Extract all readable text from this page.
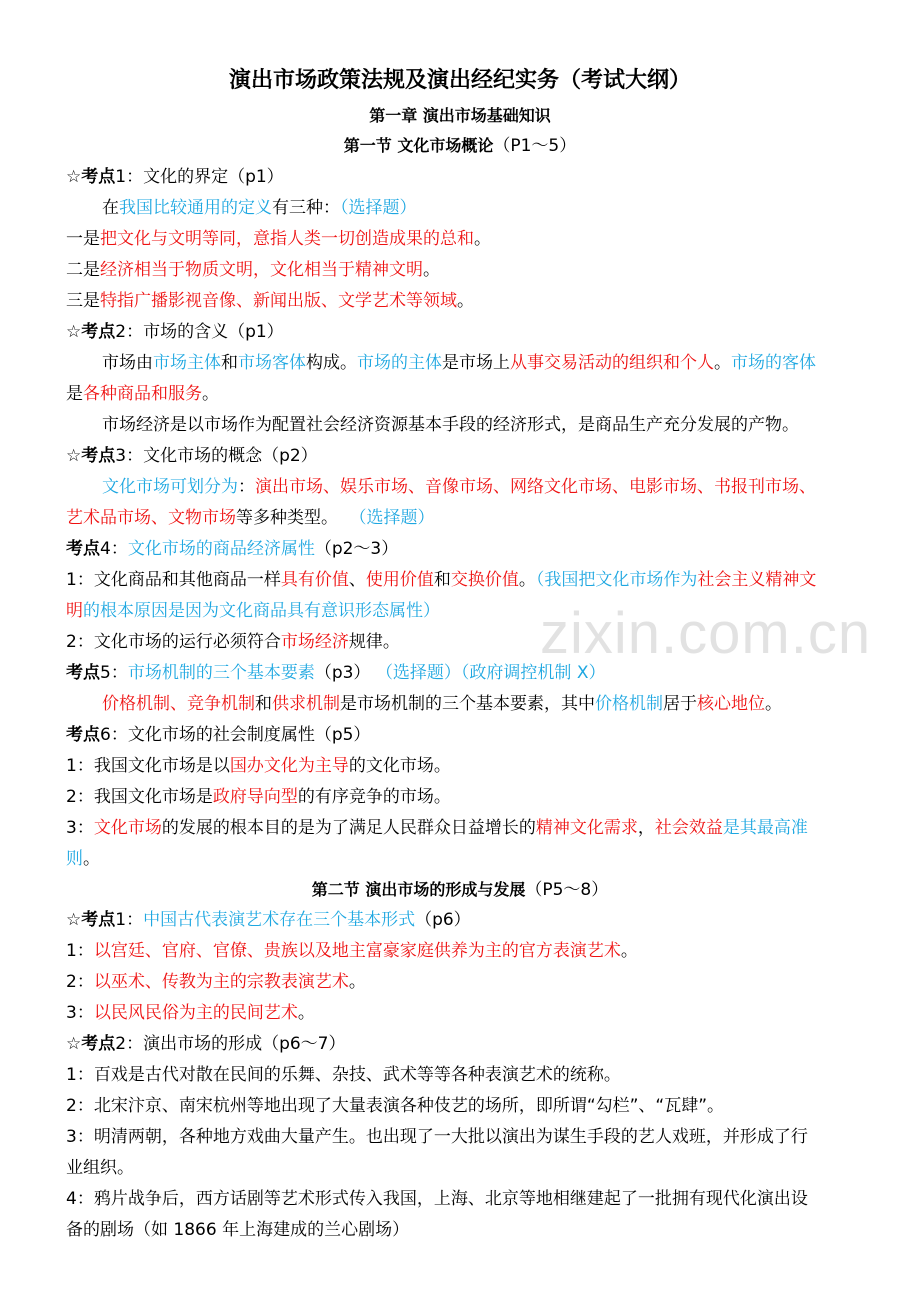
zixin.com.cn
演出市场政策法规及演出经纪实务（考试大纲）
第一章 演出市场基础知识
第一节 文化市场概论（P1～5）
☆考点1：文化的界定（p1）
在我国比较通用的定义有三种：（选择题）
一是把文化与文明等同，意指人类一切创造成果的总和。
二是经济相当于物质文明，文化相当于精神文明。
三是特指广播影视音像、新闻出版、文学艺术等领域。
☆考点2：市场的含义（p1）
市场由市场主体和市场客体构成。市场的主体是市场上从事交易活动的组织和个人。市场的客体
是各种商品和服务。
市场经济是以市场作为配置社会经济资源基本手段的经济形式，是商品生产充分发展的产物。
☆考点3：文化市场的概念（p2）
文化市场可划分为：演出市场、娱乐市场、音像市场、网络文化市场、电影市场、书报刊市场、
艺术品市场、文物市场等多种类型。 （选择题）
考点4：文化市场的商品经济属性（p2～3）
1：文化商品和其他商品一样具有价值、使用价值和交换价值。（我国把文化市场作为社会主义精神文
明的根本原因是因为文化商品具有意识形态属性）
2：文化市场的运行必须符合市场经济规律。
考点5：市场机制的三个基本要素（p3） （选择题）（政府调控机制 X）
价格机制、竞争机制和供求机制是市场机制的三个基本要素，其中价格机制居于核心地位。
考点6：文化市场的社会制度属性（p5）
1：我国文化市场是以国办文化为主导的文化市场。
2：我国文化市场是政府导向型的有序竞争的市场。
3：文化市场的发展的根本目的是为了满足人民群众日益增长的精神文化需求，社会效益是其最高准
则。
第二节 演出市场的形成与发展（P5～8）
☆考点1：中国古代表演艺术存在三个基本形式（p6）
1：以宫廷、官府、官僚、贵族以及地主富豪家庭供养为主的官方表演艺术。
2：以巫术、传教为主的宗教表演艺术。
3：以民风民俗为主的民间艺术。
☆考点2：演出市场的形成（p6～7）
1：百戏是古代对散在民间的乐舞、杂技、武术等等各种表演艺术的统称。
2：北宋汴京、南宋杭州等地出现了大量表演各种伎艺的场所，即所谓“勾栏”、“瓦肆”。
3：明清两朝，各种地方戏曲大量产生。也出现了一大批以演出为谋生手段的艺人戏班，并形成了行
业组织。
4：鸦片战争后，西方话剧等艺术形式传入我国，上海、北京等地相继建起了一批拥有现代化演出设
备的剧场（如 1866 年上海建成的兰心剧场）
